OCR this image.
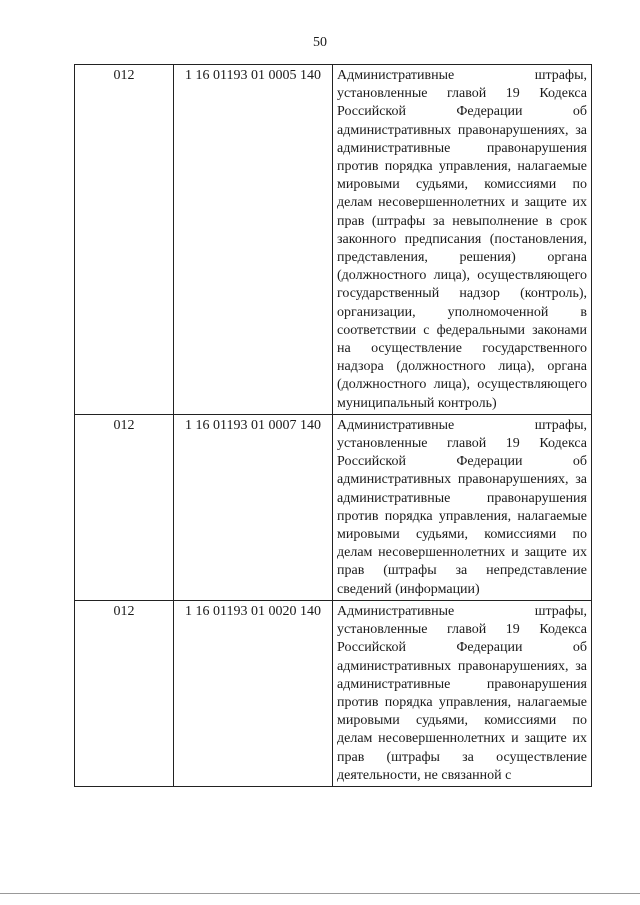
50
012	1 16 01193 01 0005 140	Административные штрафы, установленные главой 19 Кодекса Российской Федерации об административных правонарушениях, за административные правонарушения против порядка управления, налагаемые мировыми судьями, комиссиями по делам несовершеннолетних и защите их прав (штрафы за невыполнение в срок законного предписания (постановления, представления, решения) органа (должностного лица), осуществляющего государственный надзор (контроль), организации, уполномоченной в соответствии с федеральными законами на осуществление государственного надзора (должностного лица), органа (должностного лица), осуществляющего муниципальный контроль)
012	1 16 01193 01 0007 140	Административные штрафы, установленные главой 19 Кодекса Российской Федерации об административных правонарушениях, за административные правонарушения против порядка управления, налагаемые мировыми судьями, комиссиями по делам несовершеннолетних и защите их прав (штрафы за непредставление сведений (информации)
012	1 16 01193 01 0020 140	Административные штрафы, установленные главой 19 Кодекса Российской Федерации об административных правонарушениях, за административные правонарушения против порядка управления, налагаемые мировыми судьями, комиссиями по делам несовершеннолетних и защите их прав (штрафы за осуществление деятельности, не связанной с
